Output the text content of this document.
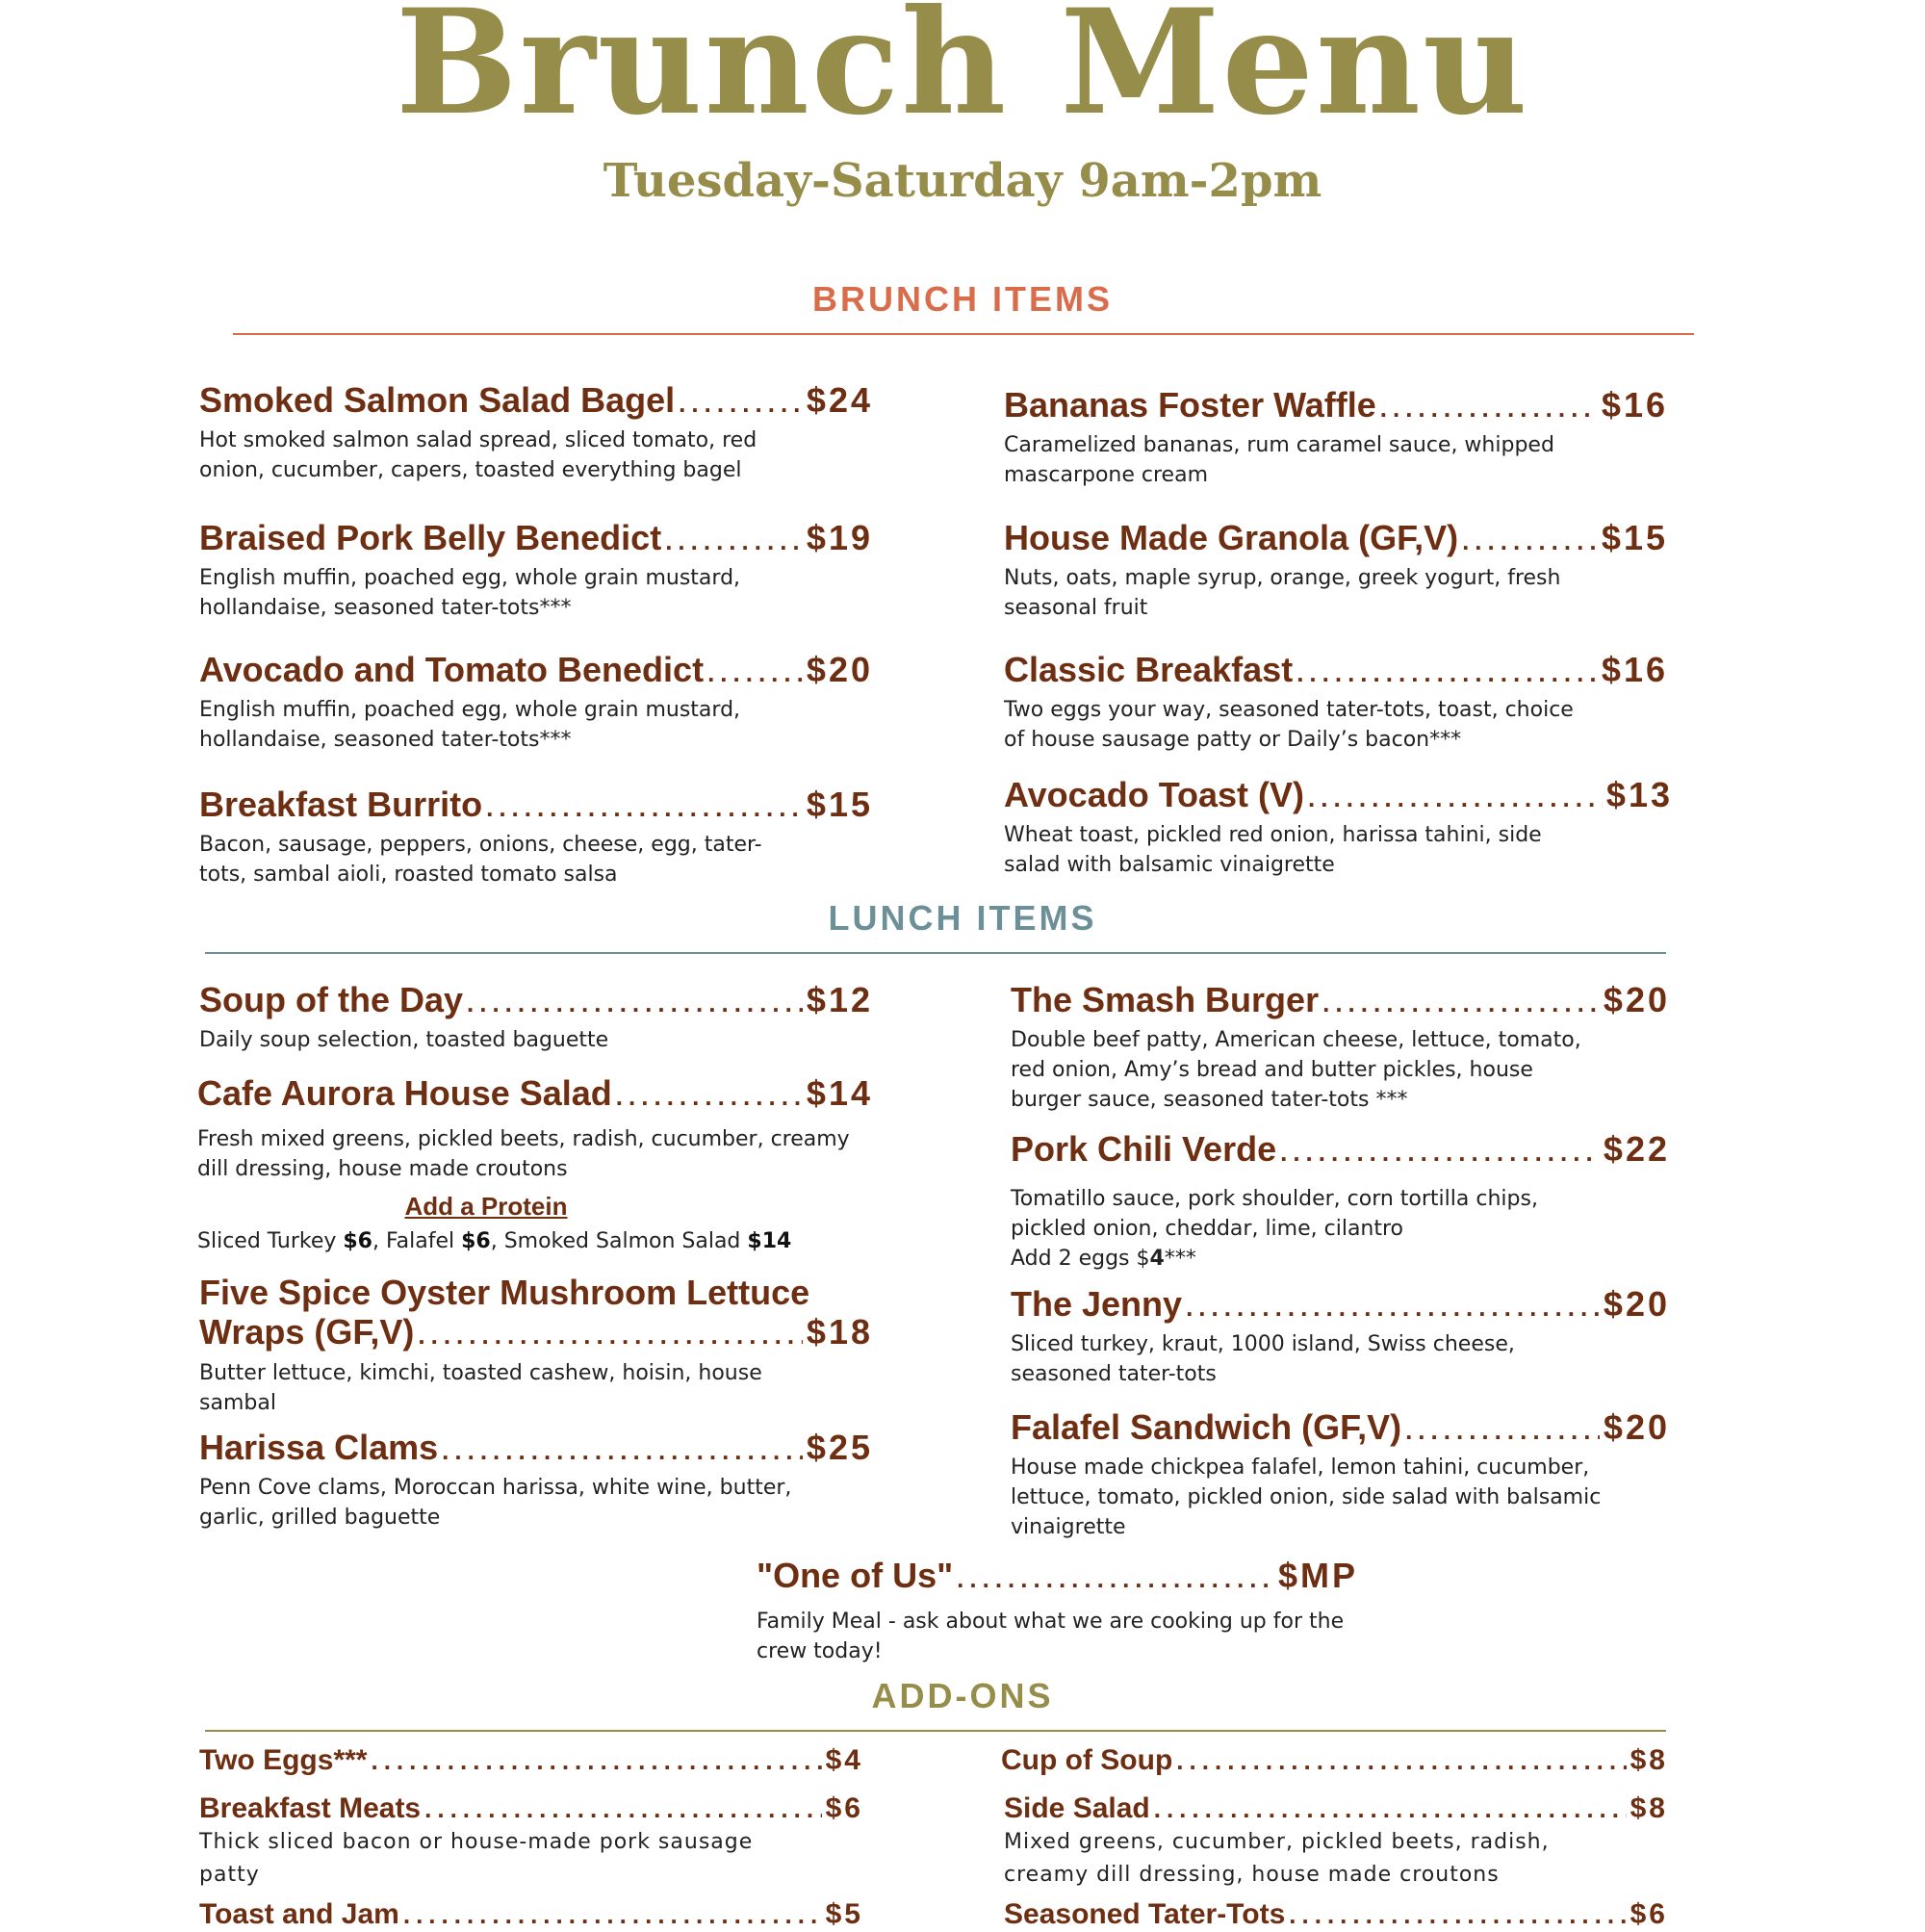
Brunch Menu
Tuesday-Saturday 9am-2pm
BRUNCH ITEMS
Smoked Salmon Salad Bagel .....	$24
Hot smoked salmon salad spread, sliced tomato, red onion, cucumber, capers, toasted everything bagel
Braised Pork Belly Benedict .....	$19
English muffin, poached egg, whole grain mustard, hollandaise, seasoned tater-tots***
Avocado and Tomato Benedict .....	$20
English muffin, poached egg, whole grain mustard, hollandaise, seasoned tater-tots***
Breakfast Burrito .....	$15
Bacon, sausage, peppers, onions, cheese, egg, tater-tots, sambal aioli, roasted tomato salsa
Bananas Foster Waffle .....	$16
Caramelized bananas, rum caramel sauce, whipped mascarpone cream
House Made Granola (GF,V) .....	$15
Nuts, oats, maple syrup, orange, greek yogurt, fresh seasonal fruit
Classic Breakfast .....	$16
Two eggs your way, seasoned tater-tots, toast, choice of house sausage patty or Daily’s bacon***
Avocado Toast (V) .....	$13
Wheat toast, pickled red onion, harissa tahini, side salad with balsamic vinaigrette
LUNCH ITEMS
Soup of the Day .....	$12
Daily soup selection, toasted baguette
Cafe Aurora House Salad .....	$14
Fresh mixed greens, pickled beets, radish, cucumber, creamy dill dressing, house made croutons
Add a Protein
Sliced Turkey $6, Falafel $6, Smoked Salmon Salad $14
Five Spice Oyster Mushroom Lettuce
Wraps (GF,V) .....	$18
Butter lettuce, kimchi, toasted cashew, hoisin, house sambal
Harissa Clams .....	$25
Penn Cove clams, Moroccan harissa, white wine, butter, garlic, grilled baguette
The Smash Burger .....	$20
Double beef patty, American cheese, lettuce, tomato, red onion, Amy’s bread and butter pickles, house burger sauce, seasoned tater-tots ***
Pork Chili Verde .....	$22
Tomatillo sauce, pork shoulder, corn tortilla chips, pickled onion, cheddar, lime, cilantro
Add 2 eggs $4***
The Jenny .....	$20
Sliced turkey, kraut, 1000 island, Swiss cheese, seasoned tater-tots
Falafel Sandwich (GF,V) .....	$20
House made chickpea falafel, lemon tahini, cucumber, lettuce, tomato, pickled onion, side salad with balsamic vinaigrette
"One of Us" .....	$MP
Family Meal - ask about what we are cooking up for the crew today!
ADD-ONS
Two Eggs*** .....	$4
Breakfast Meats .....	$6
Thick sliced bacon or house-made pork sausage patty
Toast and Jam .....	$5
Cup of Soup .....	$8
Side Salad .....	$8
Mixed greens, cucumber, pickled beets, radish, creamy dill dressing, house made croutons
Seasoned Tater-Tots .....	$6
